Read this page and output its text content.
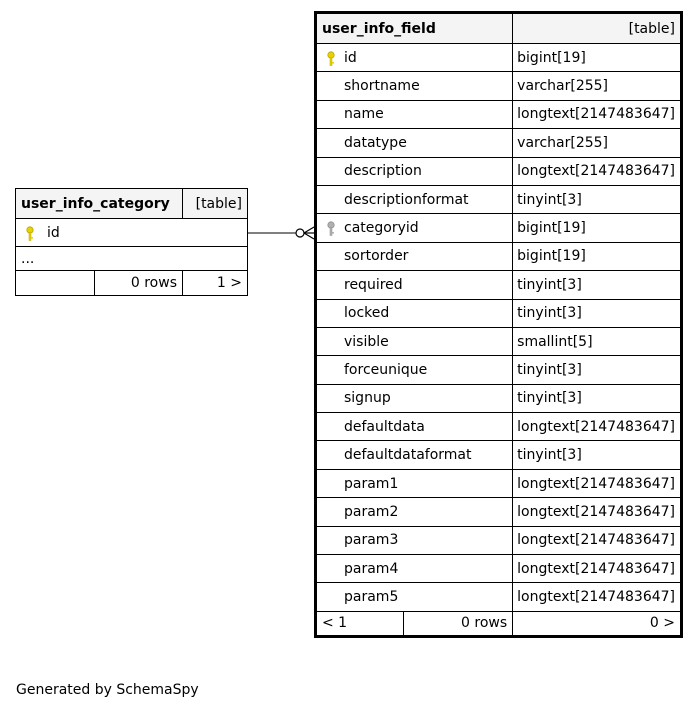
user_info_category		[table]

id		
...		
	0 rows	1 >
user_info_field		[table]

id		bigint[19]
shortname		varchar[255]
name		longtext[2147483647]
datatype		varchar[255]
description		longtext[2147483647]
descriptionformat		tinyint[3]

categoryid		bigint[19]
sortorder		bigint[19]
required		tinyint[3]
locked		tinyint[3]
visible		smallint[5]
forceunique		tinyint[3]
signup		tinyint[3]
defaultdata		longtext[2147483647]
defaultdataformat		tinyint[3]
param1		longtext[2147483647]
param2		longtext[2147483647]
param3		longtext[2147483647]
param4		longtext[2147483647]
param5		longtext[2147483647]
< 1	0 rows	0 >
Generated by SchemaSpy
